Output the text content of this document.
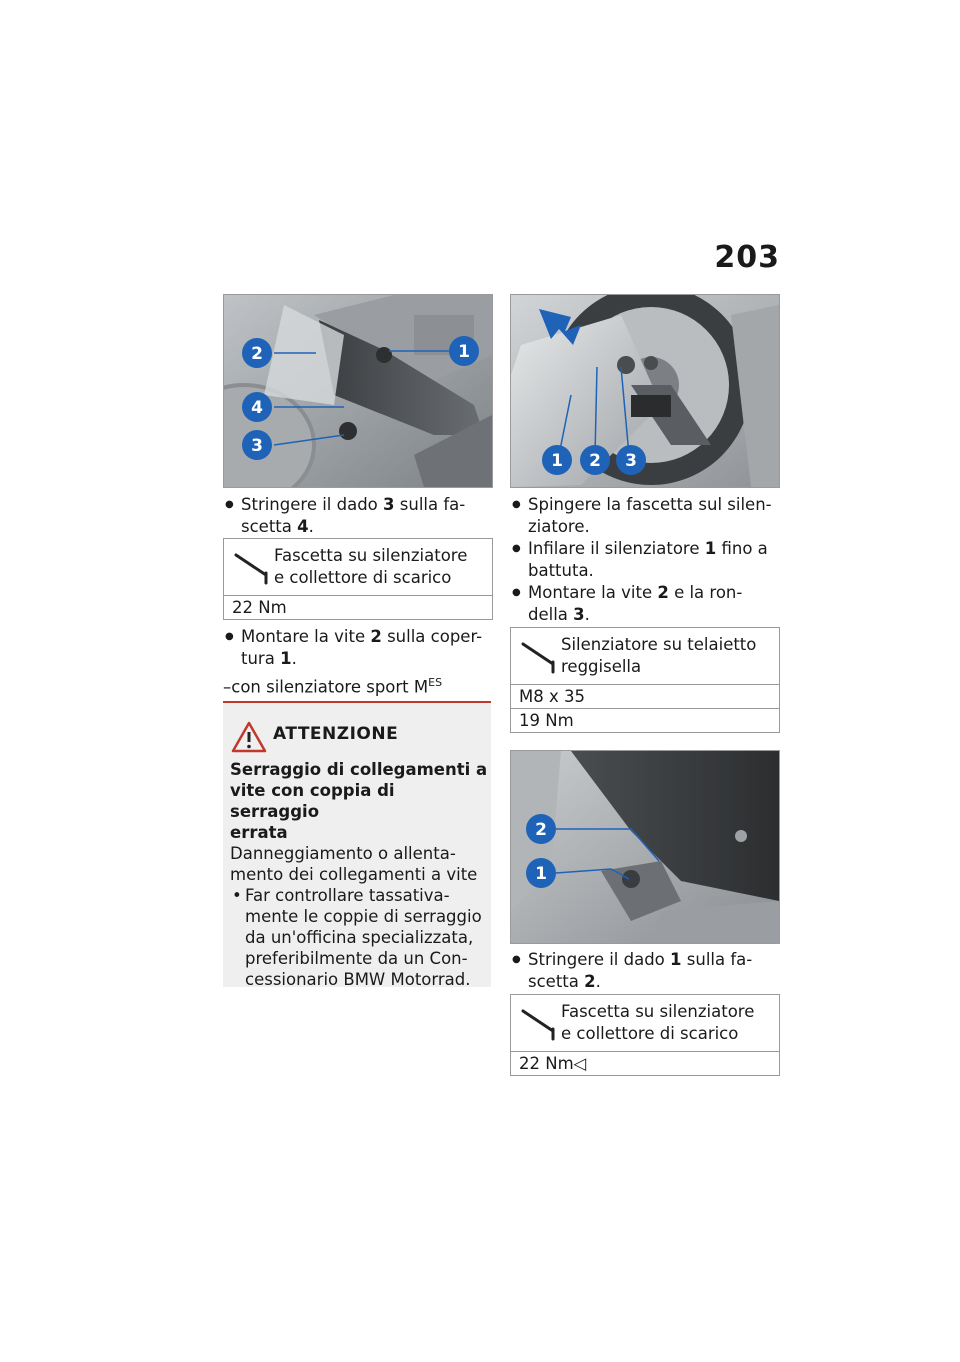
203
2	1
4
3
● Stringere il dado 3 sulla fa-
scetta 4.
Fascetta su silenziatore
e collettore di scarico
22 Nm
● Montare la vite 2 sulla coper-
tura 1.
–con silenziatore sport $M^{ES}$
ATTENZIONE
Serraggio di collegamenti a
vite con coppia di serraggio
errata
Danneggiamento o allenta-
mento dei collegamenti a vite
• Far controllare tassativa-
mente le coppie di serraggio
da un'officina specializzata,
preferibilmente da un Con-
cessionario BMW Motorrad.
1 2 3
● Spingere la fascetta sul silen-
ziatore.
● Infilare il silenziatore 1 fino a
battuta.
● Montare la vite 2 e la ron-
della 3.
Silenziatore su telaietto
reggisella
M8 x 35
19 Nm
2
1
● Stringere il dado 1 sulla fa-
scetta 2.
Fascetta su silenziatore
e collettore di scarico
22 Nm◁
